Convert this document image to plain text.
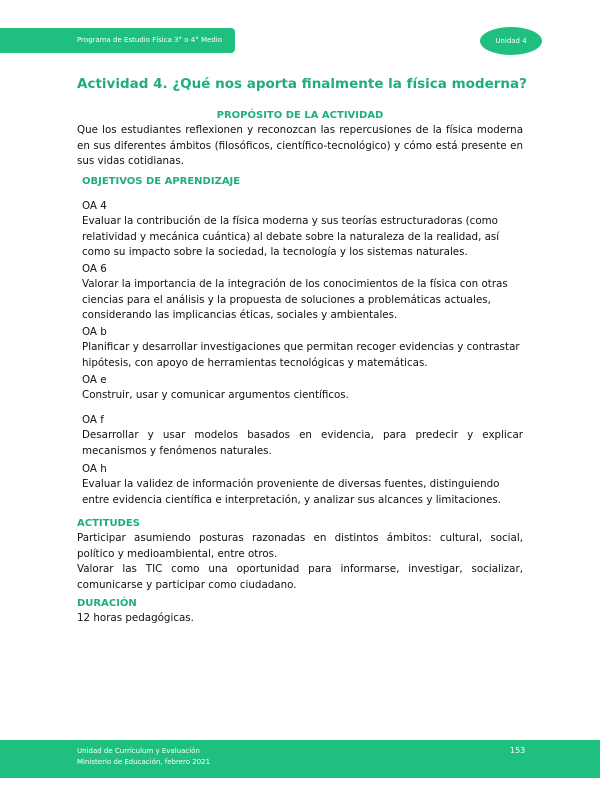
Programa de Estudio Física 3° o 4° Medio	Unidad 4
Actividad 4. ¿Qué nos aporta finalmente la física moderna?

PROPÓSITO DE LA ACTIVIDAD

Que los estudiantes reflexionen y reconozcan las repercusiones de la física moderna en sus diferentes ámbitos (filosóficos, científico-tecnológico) y cómo está presente en sus vidas cotidianas.

OBJETIVOS DE APRENDIZAJE

OA 4

Evaluar la contribución de la física moderna y sus teorías estructuradoras (como relatividad y mecánica cuántica) al debate sobre la naturaleza de la realidad, así como su impacto sobre la sociedad, la tecnología y los sistemas naturales.

OA 6

Valorar la importancia de la integración de los conocimientos de la física con otras ciencias para el análisis y la propuesta de soluciones a problemáticas actuales, considerando las implicancias éticas, sociales y ambientales.

OA b

Planificar y desarrollar investigaciones que permitan recoger evidencias y contrastar hipótesis, con apoyo de herramientas tecnológicas y matemáticas.

OA e

Construir, usar y comunicar argumentos científicos.

OA f

Desarrollar y usar modelos basados en evidencia, para predecir y explicar mecanismos y fenómenos naturales.

OA h

Evaluar la validez de información proveniente de diversas fuentes, distinguiendo entre evidencia científica e interpretación, y analizar sus alcances y limitaciones.

ACTITUDES

Participar asumiendo posturas razonadas en distintos ámbitos: cultural, social, político y medioambiental, entre otros.

Valorar las TIC como una oportunidad para informarse, investigar, socializar, comunicarse y participar como ciudadano.

DURACIÓN

12 horas pedagógicas.

Unidad de Currículum y Evaluación
Ministerio de Educación, febrero 2021
153
